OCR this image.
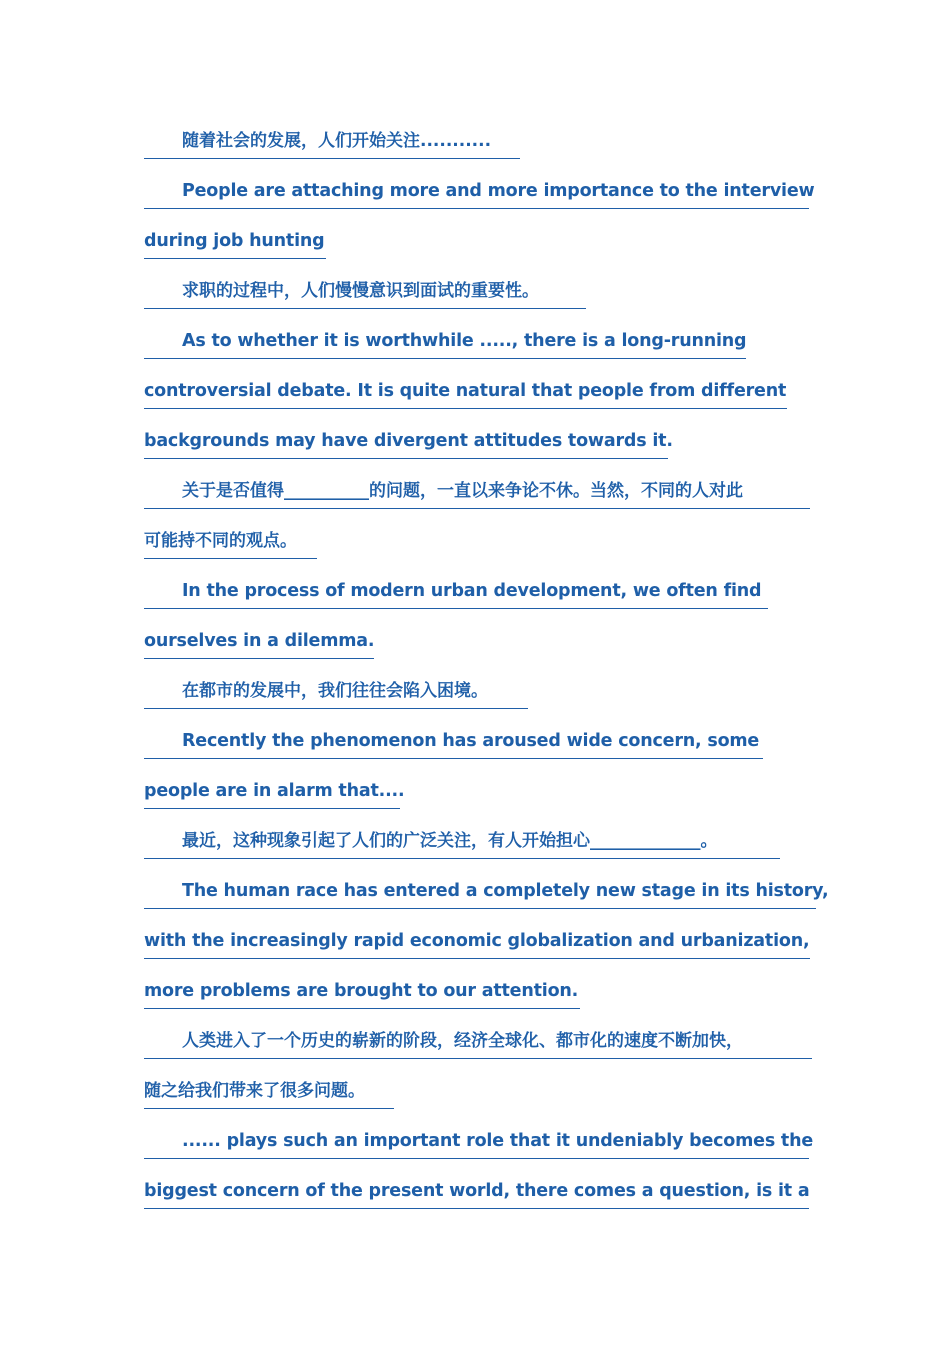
随着社会的发展，人们开始关注...........
People are attaching more and more importance to the interview
during job hunting
求职的过程中，人们慢慢意识到面试的重要性。
As to whether it is worthwhile ....., there is a long-running
controversial debate. It is quite natural that people from different
backgrounds may have divergent attitudes towards it.
关于是否值得__________的问题，一直以来争论不休。当然，不同的人对此
可能持不同的观点。
In the process of modern urban development, we often find
ourselves in a dilemma.
在都市的发展中，我们往往会陷入困境。
Recently the phenomenon has aroused wide concern, some
people are in alarm that....
最近，这种现象引起了人们的广泛关注，有人开始担心_____________。
The human race has entered a completely new stage in its history,
with the increasingly rapid economic globalization and urbanization,
more problems are brought to our attention.
人类进入了一个历史的崭新的阶段，经济全球化、都市化的速度不断加快，
随之给我们带来了很多问题。
...... plays such an important role that it undeniably becomes the
biggest concern of the present world, there comes a question, is it a
